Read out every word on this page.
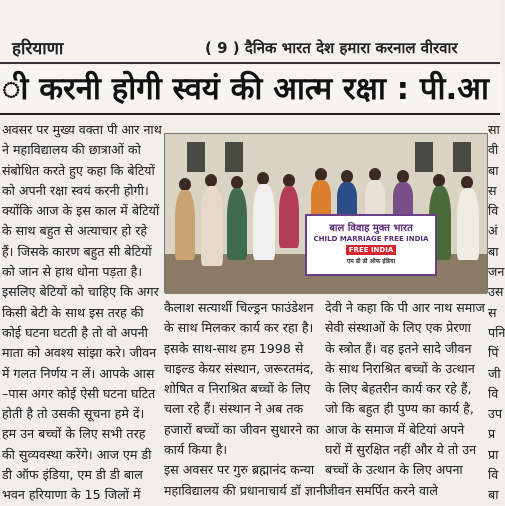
हरियाणा	( 9 ) दैनिक भारत देश हमारा करनाल वीरवार
ी करनी होगी स्वयं की आत्म रक्षा : पी.आ
अवसर पर मुख्य वक्ता पी आर नाथ
ने महाविद्यालय की छात्राओं को
संबोधित करते हुए कहा कि बेटियों
को अपनी रक्षा स्वयं करनी होगी।
क्योंकि आज के इस काल में बेटियों
के साथ बहुत से अत्याचार हो रहे
हैं। जिसके कारण बहुत सी बेटियों
को जान से हाथ धोना पड़ता है।
इसलिए बेटियों को चाहिए कि अगर
किसी बेटी के साथ इस तरह की
कोई घटना घटती है तो वो अपनी
माता को अवश्य सांझा करे। जीवन
में गलत निर्णय न लें। आपके आस
–पास अगर कोई ऐसी घटना घटित
होती है तो उसकी सूचना हमे दें।
हम उन बच्चों के लिए सभी तरह
की सुव्यवस्था करेंगे। आज एम डी
डी ऑफ इंडिया, एम डी डी बाल
भवन हरियाणा के 15 जिलों में
बाल विवाह मुक्त भारत
CHILD MARRIAGE FREE INDIA
FREE INDIA
एम डी डी ऑफ इंडिया
कैलाश सत्यार्थी चिल्ड्रन फाउंडेशन
के साथ मिलकर कार्य कर रहा है।
इसके साथ-साथ हम 1998 से
चाइल्ड केयर संस्थान, जरूरतमंद,
शोषित व निराश्रित बच्चों के लिए
चला रहे हैं। संस्थान ने अब तक
हजारों बच्चों का जीवन सुधारने का
कार्य किया है।
इस अवसर पर गुरु ब्रह्मानंद कन्या
महाविद्यालय की प्रधानाचार्य डॉ ज्ञानी
देवी ने कहा कि पी आर नाथ समाज
सेवी संस्थाओं के लिए एक प्रेरणा
के स्त्रोत हैं। वह इतने सादे जीवन
के साथ निराश्रित बच्चों के उत्थान
के लिए बेहतरीन कार्य कर रहे हैं,
जो कि बहुत ही पुण्य का कार्य है,
आज के समाज में बेटियां अपने
घरों में सुरक्षित नहीं और ये तो उन
बच्चों के उत्थान के लिए अपना
जीवन समर्पित करने वाले
सा
वी
बा
स
वि
अं
बा
जन
उस
स
पनि
पिं
जी
वि
उप
प्र
प्रा
वि
बा
